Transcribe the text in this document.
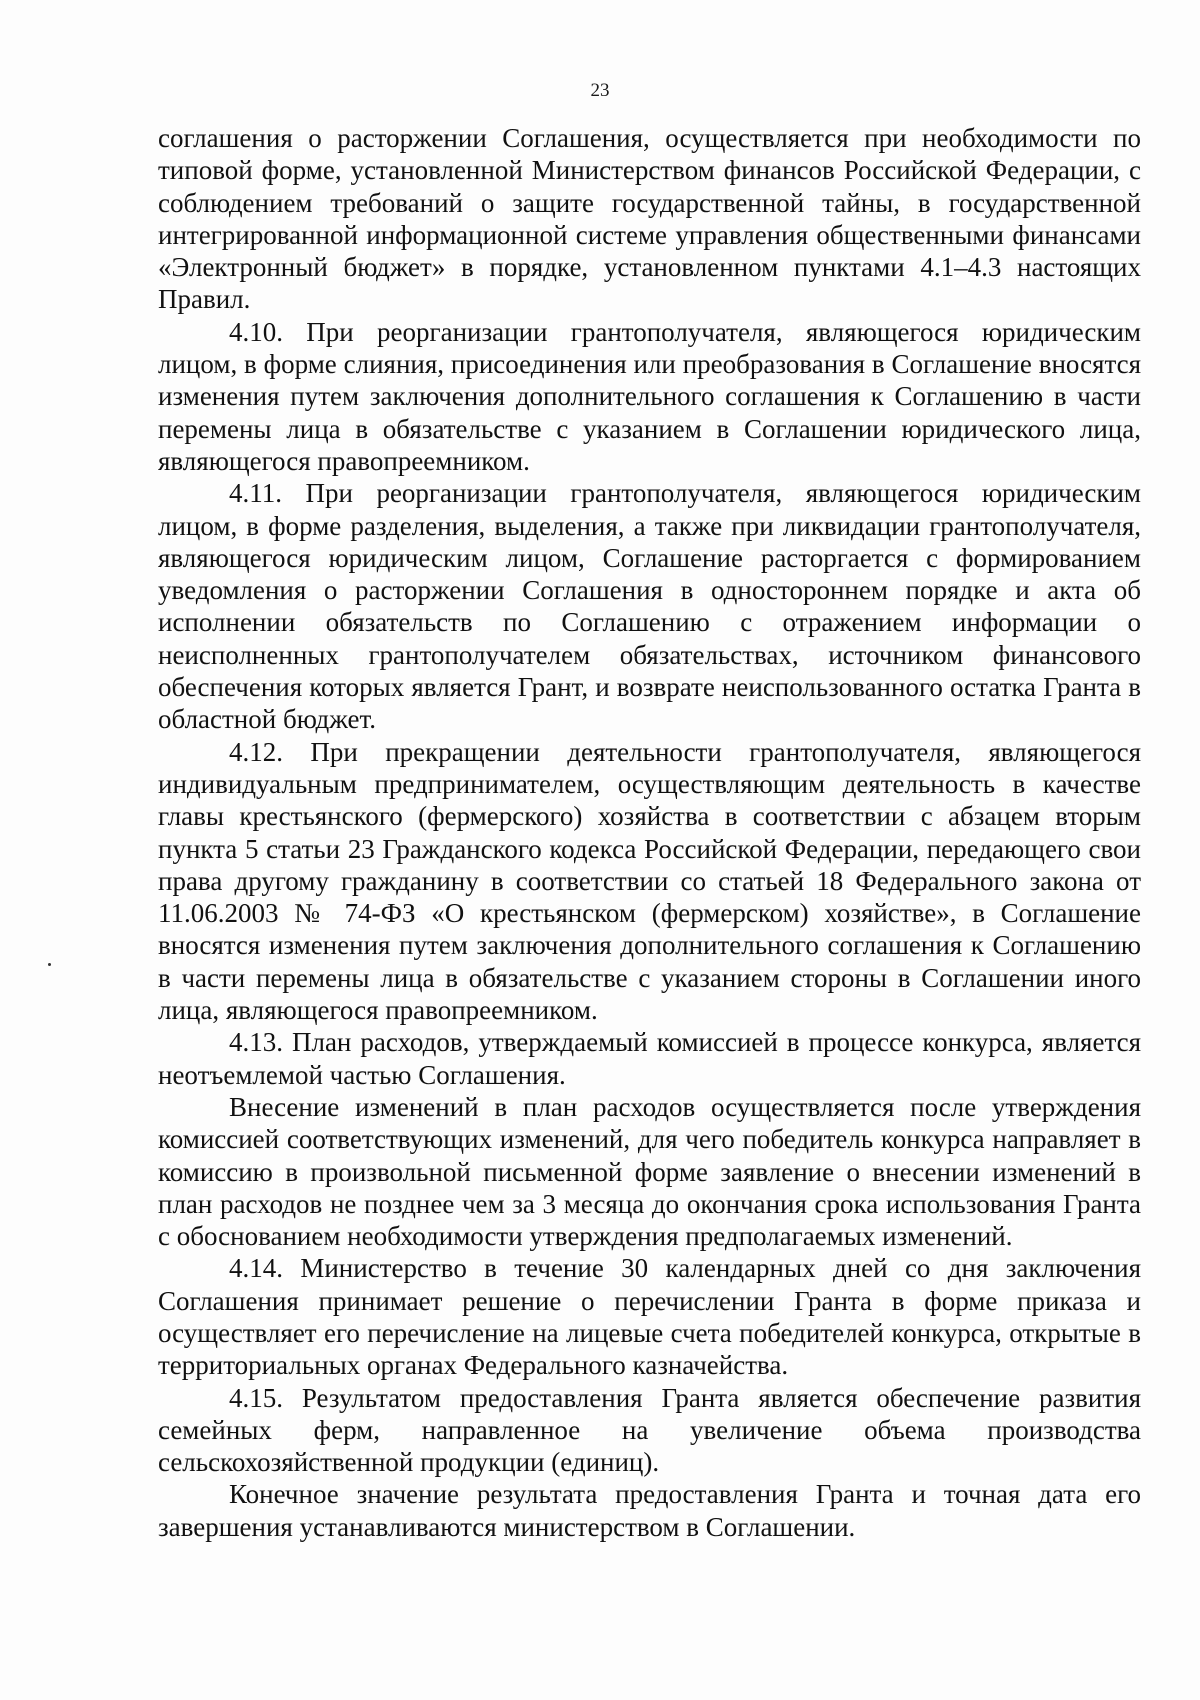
23

соглашения о расторжении Соглашения, осуществляется при необходимости по типовой форме, установленной Министерством финансов Российской Федерации, с соблюдением требований о защите государственной тайны, в государственной интегрированной информационной системе управления общественными финансами «Электронный бюджет» в порядке, установленном пунктами 4.1–4.3 настоящих Правил.

4.10. При реорганизации грантополучателя, являющегося юридическим лицом, в форме слияния, присоединения или преобразования в Соглашение вносятся изменения путем заключения дополнительного соглашения к Соглашению в части перемены лица в обязательстве с указанием в Соглашении юридического лица, являющегося правопреемником.

4.11. При реорганизации грантополучателя, являющегося юридическим лицом, в форме разделения, выделения, а также при ликвидации грантополучателя, являющегося юридическим лицом, Соглашение расторгается с формированием уведомления о расторжении Соглашения в одностороннем порядке и акта об исполнении обязательств по Соглашению с отражением информации о неисполненных грантополучателем обязательствах, источником финансового обеспечения которых является Грант, и возврате неиспользованного остатка Гранта в областной бюджет.

4.12. При прекращении деятельности грантополучателя, являющегося индивидуальным предпринимателем, осуществляющим деятельность в качестве главы крестьянского (фермерского) хозяйства в соответствии с абзацем вторым пункта 5 статьи 23 Гражданского кодекса Российской Федерации, передающего свои права другому гражданину в соответствии со статьей 18 Федерального закона от 11.06.2003 № 74-ФЗ «О крестьянском (фермерском) хозяйстве», в Соглашение вносятся изменения путем заключения дополнительного соглашения к Соглашению в части перемены лица в обязательстве с указанием стороны в Соглашении иного лица, являющегося правопреемником.

4.13. План расходов, утверждаемый комиссией в процессе конкурса, является неотъемлемой частью Соглашения.

Внесение изменений в план расходов осуществляется после утверждения комиссией соответствующих изменений, для чего победитель конкурса направляет в комиссию в произвольной письменной форме заявление о внесении изменений в план расходов не позднее чем за 3 месяца до окончания срока использования Гранта с обоснованием необходимости утверждения предполагаемых изменений.

4.14. Министерство в течение 30 календарных дней со дня заключения Соглашения принимает решение о перечислении Гранта в форме приказа и осуществляет его перечисление на лицевые счета победителей конкурса, открытые в территориальных органах Федерального казначейства.

4.15. Результатом предоставления Гранта является обеспечение развития семейных ферм, направленное на увеличение объема производства сельскохозяйственной продукции (единиц).

Конечное значение результата предоставления Гранта и точная дата его завершения устанавливаются министерством в Соглашении.
